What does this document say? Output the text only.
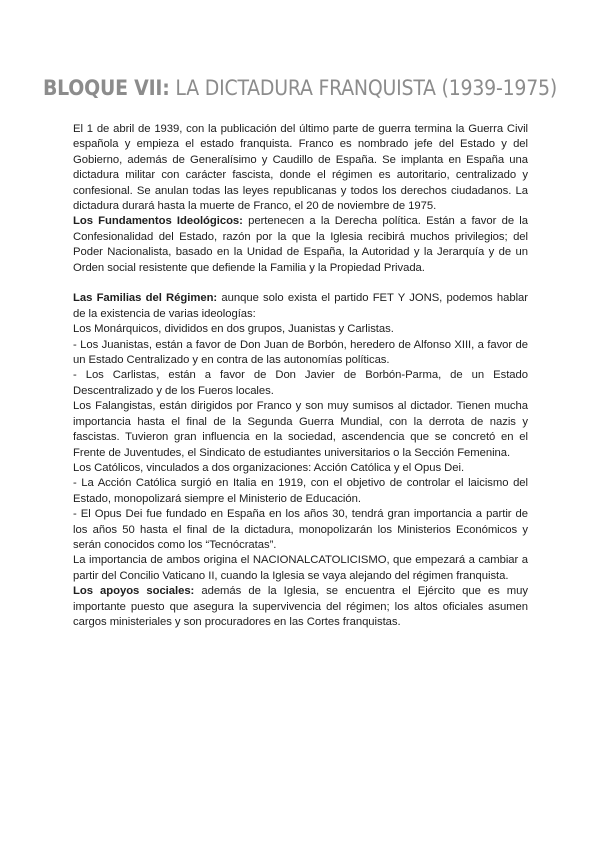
BLOQUE VII: LA DICTADURA FRANQUISTA (1939-1975)

El 1 de abril de 1939, con la publicación del último parte de guerra termina la Guerra Civil española y empieza el estado franquista. Franco es nombrado jefe del Estado y del Gobierno, además de Generalísimo y Caudillo de España. Se implanta en España una dictadura militar con carácter fascista, donde el régimen es autoritario, centralizado y confesional. Se anulan todas las leyes republicanas y todos los derechos ciudadanos. La dictadura durará hasta la muerte de Franco, el 20 de noviembre de 1975.

Los Fundamentos Ideológicos: pertenecen a la Derecha política. Están a favor de la Confesionalidad del Estado, razón por la que la Iglesia recibirá muchos privilegios; del Poder Nacionalista, basado en la Unidad de España, la Autoridad y la Jerarquía y de un Orden social resistente que defiende la Familia y la Propiedad Privada.

Las Familias del Régimen: aunque solo exista el partido FET Y JONS, podemos hablar de la existencia de varias ideologías:

Los Monárquicos, divididos en dos grupos, Juanistas y Carlistas.

- Los Juanistas, están a favor de Don Juan de Borbón, heredero de Alfonso XIII, a favor de un Estado Centralizado y en contra de las autonomías políticas.

- Los Carlistas, están a favor de Don Javier de Borbón-Parma, de un Estado Descentralizado y de los Fueros locales.

Los Falangistas, están dirigidos por Franco y son muy sumisos al dictador. Tienen mucha importancia hasta el final de la Segunda Guerra Mundial, con la derrota de nazis y fascistas. Tuvieron gran influencia en la sociedad, ascendencia que se concretó en el Frente de Juventudes, el Sindicato de estudiantes universitarios o la Sección Femenina.

Los Católicos, vinculados a dos organizaciones: Acción Católica y el Opus Dei.

- La Acción Católica surgió en Italia en 1919, con el objetivo de controlar el laicismo del Estado, monopolizará siempre el Ministerio de Educación.

- El Opus Dei fue fundado en España en los años 30, tendrá gran importancia a partir de los años 50 hasta el final de la dictadura, monopolizarán los Ministerios Económicos y serán conocidos como los “Tecnócratas”.

La importancia de ambos origina el NACIONALCATOLICISMO, que empezará a cambiar a partir del Concilio Vaticano II, cuando la Iglesia se vaya alejando del régimen franquista.

Los apoyos sociales: además de la Iglesia, se encuentra el Ejército que es muy importante puesto que asegura la supervivencia del régimen; los altos oficiales asumen cargos ministeriales y son procuradores en las Cortes franquistas.
